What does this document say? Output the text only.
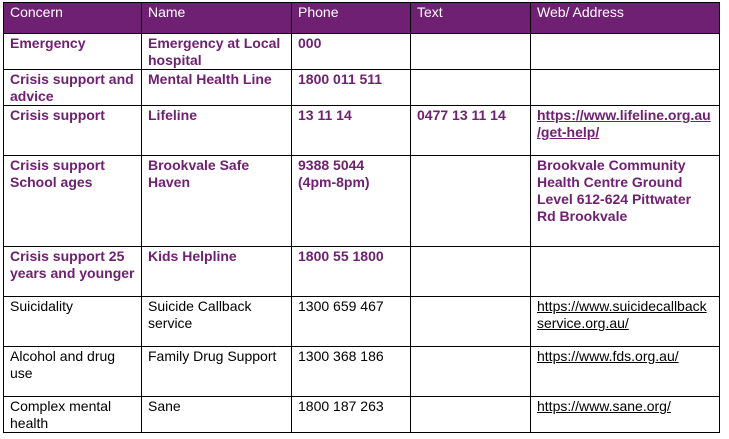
Concern	Name	Phone	Text	Web/ Address
Emergency	Emergency at Local hospital	000		
Crisis support and advice	Mental Health Line	1800 011 511		
Crisis support	Lifeline	13 11 14	0477 13 11 14	https://www.lifeline.org.au/get-help/
Crisis support School ages	Brookvale Safe Haven	9388 5044 (4pm-8pm)		Brookvale Community Health Centre Ground Level 612-624 Pittwater Rd Brookvale
Crisis support 25 years and younger	Kids Helpline	1800 55 1800		
Suicidality	Suicide Callback service	1300 659 467		https://www.suicidecallbackservice.org.au/
Alcohol and drug use	Family Drug Support	1300 368 186		https://www.fds.org.au/
Complex mental health	Sane	1800 187 263		https://www.sane.org/
